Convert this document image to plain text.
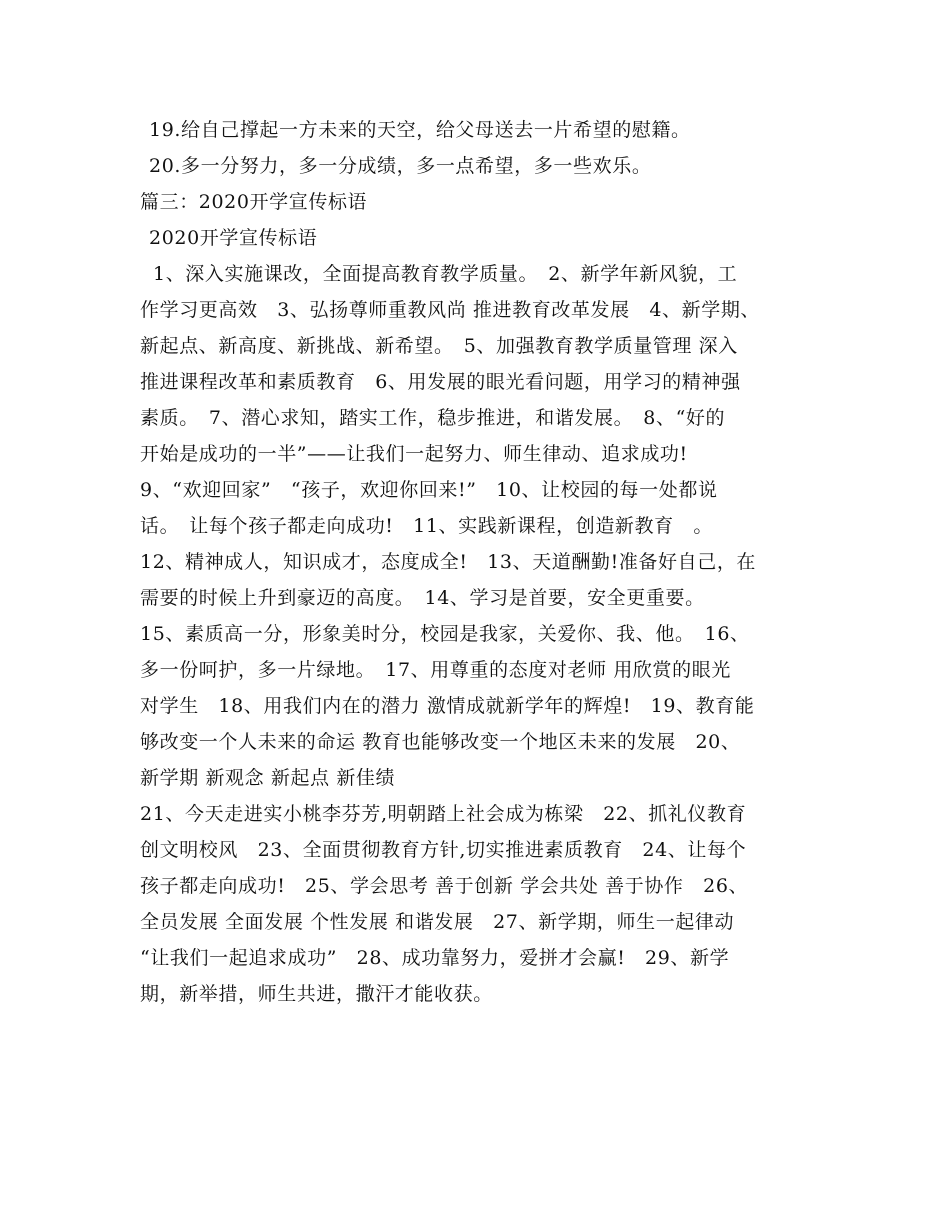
19.给自己撑起一方未来的天空，给父母送去一片希望的慰籍。
20.多一分努力，多一分成绩，多一点希望，多一些欢乐。
篇三：2020开学宣传标语
2020开学宣传标语
1、深入实施课改，全面提高教育教学质量。　2、新学年新风貌，工
作学习更高效　3、弘扬尊师重教风尚 推进教育改革发展　4、新学期、
新起点、新高度、新挑战、新希望。　5、加强教育教学质量管理 深入
推进课程改革和素质教育　6、用发展的眼光看问题，用学习的精神强
素质。　7、潜心求知，踏实工作，稳步推进，和谐发展。　8、“好的
开始是成功的一半”——让我们一起努力、师生律动、追求成功!
9、“欢迎回家”　“孩子，欢迎你回来!”　10、让校园的每一处都说
话。　让每个孩子都走向成功!　11、实践新课程，创造新教育　。
12、精神成人，知识成才，态度成全!　13、天道酬勤!准备好自己，在
需要的时候上升到豪迈的高度。　14、学习是首要，安全更重要。
15、素质高一分，形象美时分，校园是我家，关爱你、我、他。　16、
多一份呵护，多一片绿地。　17、用尊重的态度对老师 用欣赏的眼光
对学生　18、用我们内在的潜力 激情成就新学年的辉煌!　19、教育能
够改变一个人未来的命运 教育也能够改变一个地区未来的发展　20、
新学期 新观念 新起点 新佳绩
21、今天走进实小桃李芬芳,明朝踏上社会成为栋梁　22、抓礼仪教育
创文明校风　23、全面贯彻教育方针,切实推进素质教育　24、让每个
孩子都走向成功!　25、学会思考 善于创新 学会共处 善于协作　26、
全员发展 全面发展 个性发展 和谐发展　27、新学期，师生一起律动
“让我们一起追求成功”　28、成功靠努力，爱拼才会赢!　29、新学
期，新举措，师生共进，撒汗才能收获。
